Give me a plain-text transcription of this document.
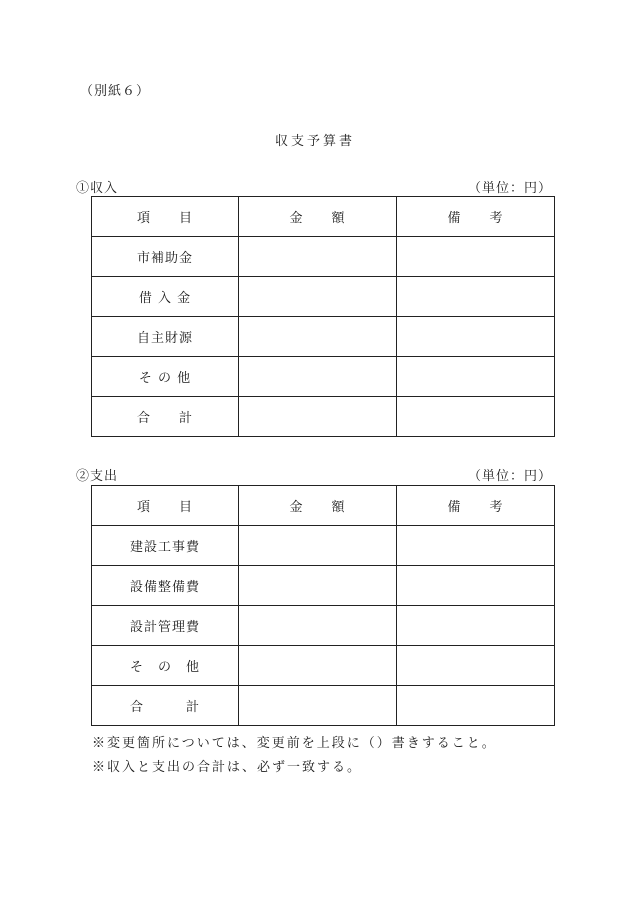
（別紙６）
収支予算書
①収入	（単位：円）
項　　目	金　　額	備　　考
市補助金		
借 入 金		
自主財源		
そ の 他		
合　　計		
②支出	（単位：円）
項　　目	金　　額	備　　考
建設工事費		
設備整備費		
設計管理費		
そ　の　他		
合　　　計		
※変更箇所については、変更前を上段に（）書きすること。
※収入と支出の合計は、必ず一致する。
